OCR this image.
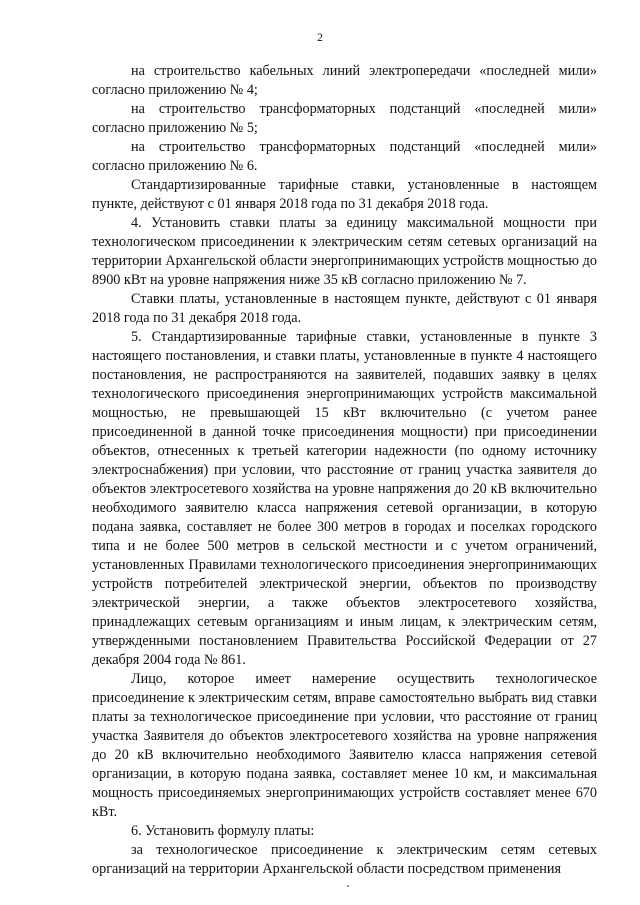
2

на строительство кабельных линий электропередачи «последней мили» согласно приложению № 4;

на строительство трансформаторных подстанций «последней мили» согласно приложению № 5;

на строительство трансформаторных подстанций «последней мили» согласно приложению № 6.

Стандартизированные тарифные ставки, установленные в настоящем пункте, действуют с 01 января 2018 года по 31 декабря 2018 года.

4. Установить ставки платы за единицу максимальной мощности при технологическом присоединении к электрическим сетям сетевых организаций на территории Архангельской области энергопринимающих устройств мощностью до 8900 кВт на уровне напряжения ниже 35 кВ согласно приложению № 7.

Ставки платы, установленные в настоящем пункте, действуют с 01 января 2018 года по 31 декабря 2018 года.

5. Стандартизированные тарифные ставки, установленные в пункте 3 настоящего постановления, и ставки платы, установленные в пункте 4 настоящего постановления, не распространяются на заявителей, подавших заявку в целях технологического присоединения энергопринимающих устройств максимальной мощностью, не превышающей 15 кВт включительно (с учетом ранее присоединенной в данной точке присоединения мощности) при присоединении объектов, отнесенных к третьей категории надежности (по одному источнику электроснабжения) при условии, что расстояние от границ участка заявителя до объектов электросетевого хозяйства на уровне напряжения до 20 кВ включительно необходимого заявителю класса напряжения сетевой организации, в которую подана заявка, составляет не более 300 метров в городах и поселках городского типа и не более 500 метров в сельской местности и с учетом ограничений, установленных Правилами технологического присоединения энергопринимающих устройств потребителей электрической энергии, объектов по производству электрической энергии, а также объектов электросетевого хозяйства, принадлежащих сетевым организациям и иным лицам, к электрическим сетям, утвержденными постановлением Правительства Российской Федерации от 27 декабря 2004 года № 861.

Лицо, которое имеет намерение осуществить технологическое присоединение к электрическим сетям, вправе самостоятельно выбрать вид ставки платы за технологическое присоединение при условии, что расстояние от границ участка Заявителя до объектов электросетевого хозяйства на уровне напряжения до 20 кВ включительно необходимого Заявителю класса напряжения сетевой организации, в которую подана заявка, составляет менее 10 км, и максимальная мощность присоединяемых энергопринимающих устройств составляет менее 670 кВт.

6. Установить формулу платы:

за технологическое присоединение к электрическим сетям сетевых организаций на территории Архангельской области посредством применения
